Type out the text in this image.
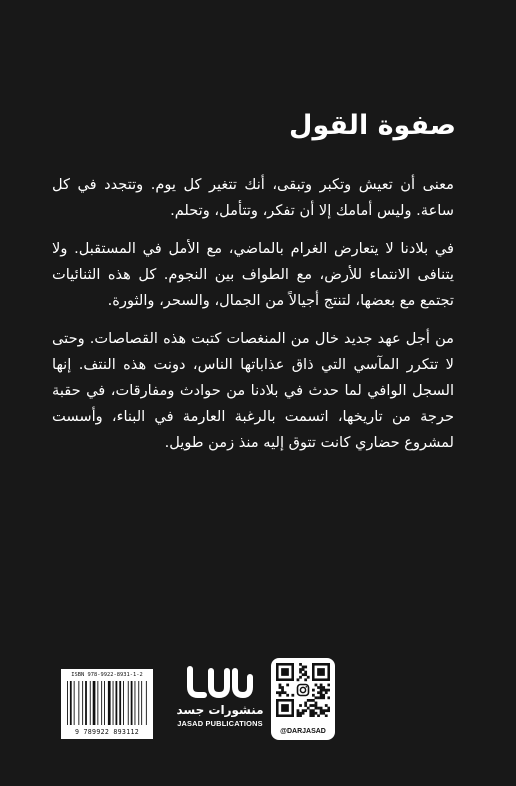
صفوة القول

معنى أن تعيش وتكبر وتبقى، أنك تتغير كل يوم. وتتجدد في كل ساعة. وليس أمامك إلا أن تفكر، وتتأمل، وتحلم.

في بلادنا لا يتعارض الغرام بالماضي، مع الأمل في المستقبل. ولا يتنافى الانتماء للأرض، مع الطواف بين النجوم. كل هذه الثنائيات تجتمع مع بعضها، لتنتج أجيالاً من الجمال، والسحر، والثورة.

من أجل عهد جديد خال من المنغصات كتبت هذه القصاصات. وحتى لا تتكرر المآسي التي ذاق عذاباتها الناس، دونت هذه النتف. إنها السجل الوافي لما حدث في بلادنا من حوادث ومفارقات، في حقبة حرجة من تاريخها، اتسمت بالرغبة العارمة في البناء، وأسست لمشروع حضاري كانت تتوق إليه منذ زمن طويل.

ISBN 978-9922-8931-1-2
9 789922 893112
منشورات جسد
JASAD PUBLICATIONS
@DARJASAD
